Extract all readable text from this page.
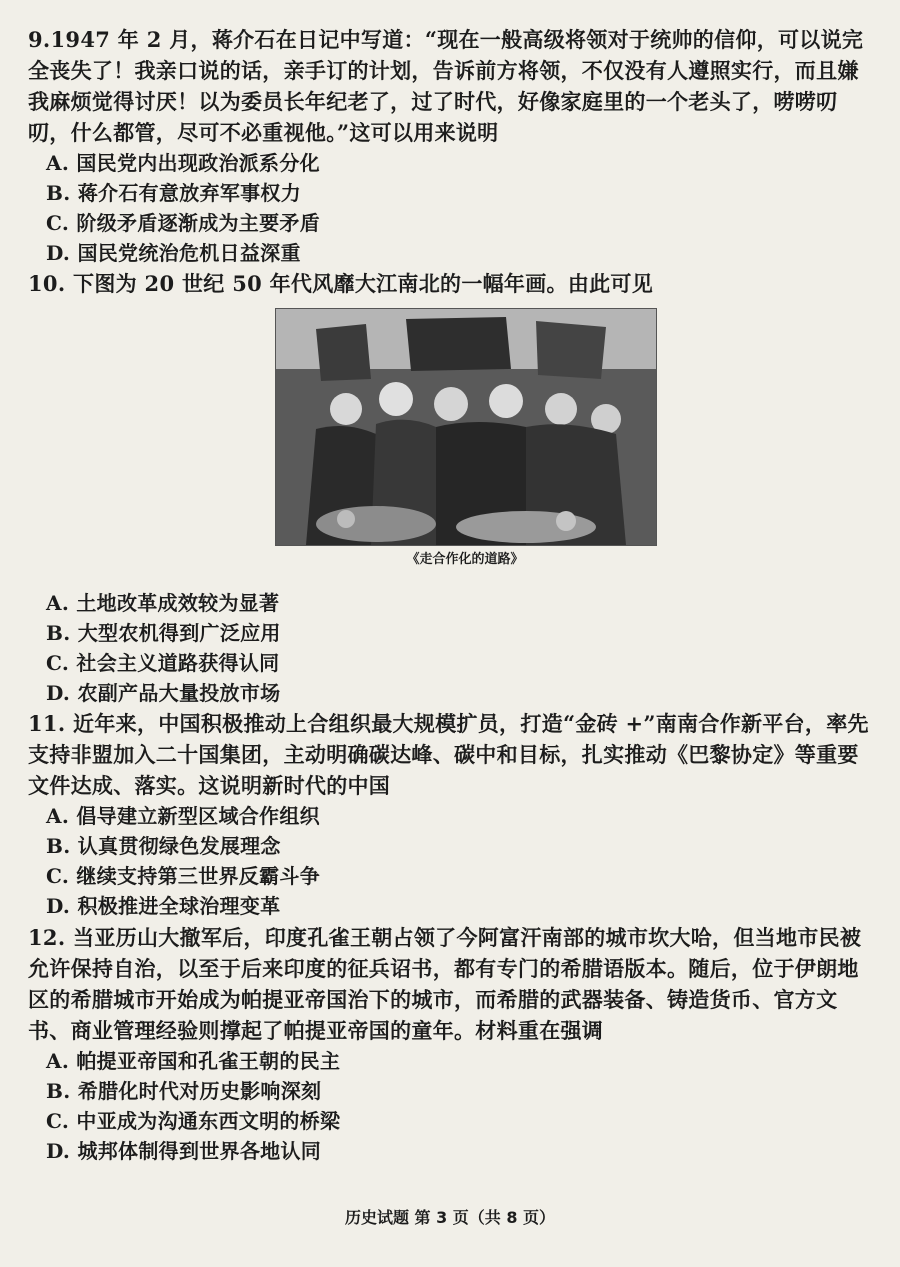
9.1947 年 2 月，蒋介石在日记中写道：“现在一般高级将领对于统帅的信仰，可以说完全丧失了！我亲口说的话，亲手订的计划，告诉前方将领，不仅没有人遵照实行，而且嫌我麻烦觉得讨厌！以为委员长年纪老了，过了时代，好像家庭里的一个老头了，唠唠叨叨，什么都管，尽可不必重视他。”这可以用来说明

A. 国民党内出现政治派系分化

B. 蒋介石有意放弃军事权力

C. 阶级矛盾逐渐成为主要矛盾

D. 国民党统治危机日益深重

10. 下图为 20 世纪 50 年代风靡大江南北的一幅年画。由此可见

《走合作化的道路》

A. 土地改革成效较为显著

B. 大型农机得到广泛应用

C. 社会主义道路获得认同

D. 农副产品大量投放市场

11. 近年来，中国积极推动上合组织最大规模扩员，打造“金砖 +”南南合作新平台，率先支持非盟加入二十国集团，主动明确碳达峰、碳中和目标，扎实推动《巴黎协定》等重要文件达成、落实。这说明新时代的中国

A. 倡导建立新型区域合作组织

B. 认真贯彻绿色发展理念

C. 继续支持第三世界反霸斗争

D. 积极推进全球治理变革

12. 当亚历山大撤军后，印度孔雀王朝占领了今阿富汗南部的城市坎大哈，但当地市民被允许保持自治，以至于后来印度的征兵诏书，都有专门的希腊语版本。随后，位于伊朗地区的希腊城市开始成为帕提亚帝国治下的城市，而希腊的武器装备、铸造货币、官方文书、商业管理经验则撑起了帕提亚帝国的童年。材料重在强调

A. 帕提亚帝国和孔雀王朝的民主

B. 希腊化时代对历史影响深刻

C. 中亚成为沟通东西文明的桥梁

D. 城邦体制得到世界各地认同

历史试题 第 3 页（共 8 页）
